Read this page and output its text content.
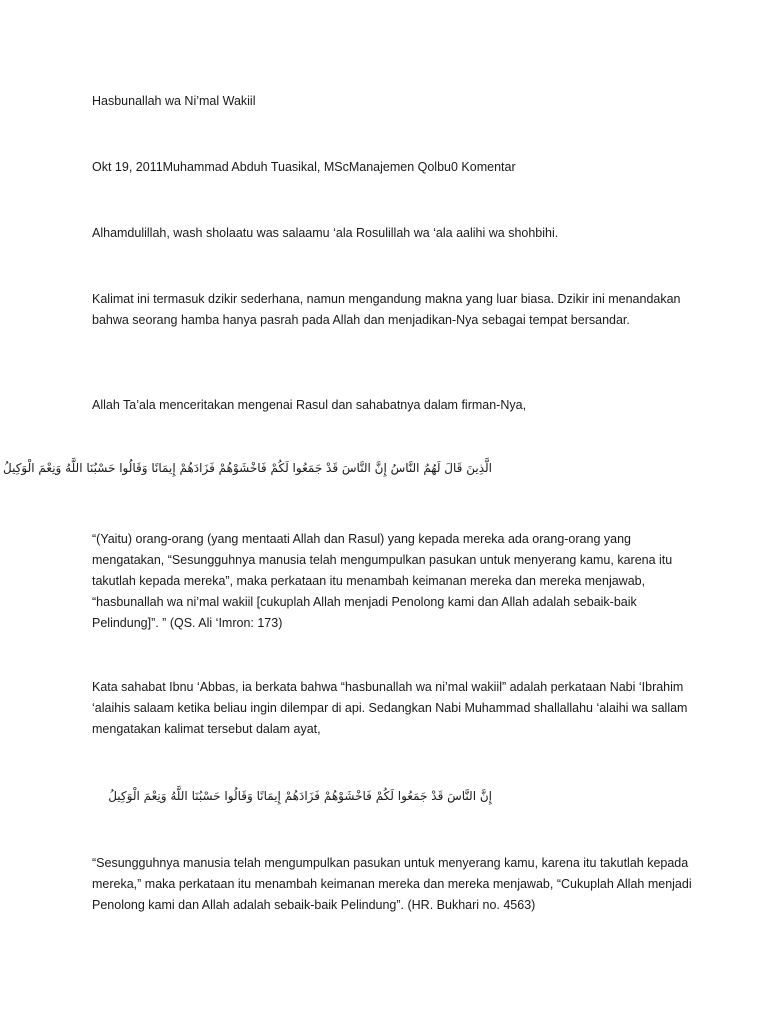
Hasbunallah wa Ni’mal Wakiil

Okt 19, 2011Muhammad Abduh Tuasikal, MScManajemen Qolbu0 Komentar

Alhamdulillah, wash sholaatu was salaamu ‘ala Rosulillah wa ‘ala aalihi wa shohbihi.

Kalimat ini termasuk dzikir sederhana, namun mengandung makna yang luar biasa. Dzikir ini menandakan bahwa seorang hamba hanya pasrah pada Allah dan menjadikan-Nya sebagai tempat bersandar.

Allah Ta’ala menceritakan mengenai Rasul dan sahabatnya dalam firman-Nya,

الَّذِينَ قَالَ لَهُمُ النَّاسُ إِنَّ النَّاسَ قَدْ جَمَعُوا لَكُمْ فَاخْشَوْهُمْ فَزَادَهُمْ إِيمَانًا وَقَالُوا حَسْبُنَا اللَّهُ وَنِعْمَ الْوَكِيلُ

“(Yaitu) orang-orang (yang mentaati Allah dan Rasul) yang kepada mereka ada orang-orang yang mengatakan, “Sesungguhnya manusia telah mengumpulkan pasukan untuk menyerang kamu, karena itu takutlah kepada mereka”, maka perkataan itu menambah keimanan mereka dan mereka menjawab, “hasbunallah wa ni’mal wakiil [cukuplah Allah menjadi Penolong kami dan Allah adalah sebaik-baik Pelindung]”. ” (QS. Ali ‘Imron: 173)

Kata sahabat Ibnu ‘Abbas, ia berkata bahwa “hasbunallah wa ni’mal wakiil” adalah perkataan Nabi ‘Ibrahim ‘alaihis salaam ketika beliau ingin dilempar di api. Sedangkan Nabi Muhammad shallallahu ‘alaihi wa sallam mengatakan kalimat tersebut dalam ayat,

إِنَّ النَّاسَ قَدْ جَمَعُوا لَكُمْ فَاخْشَوْهُمْ فَزَادَهُمْ إِيمَانًا وَقَالُوا حَسْبُنَا اللَّهُ وَنِعْمَ الْوَكِيلُ

“Sesungguhnya manusia telah mengumpulkan pasukan untuk menyerang kamu, karena itu takutlah kepada mereka,” maka perkataan itu menambah keimanan mereka dan mereka menjawab, “Cukuplah Allah menjadi Penolong kami dan Allah adalah sebaik-baik Pelindung”. (HR. Bukhari no. 4563)
